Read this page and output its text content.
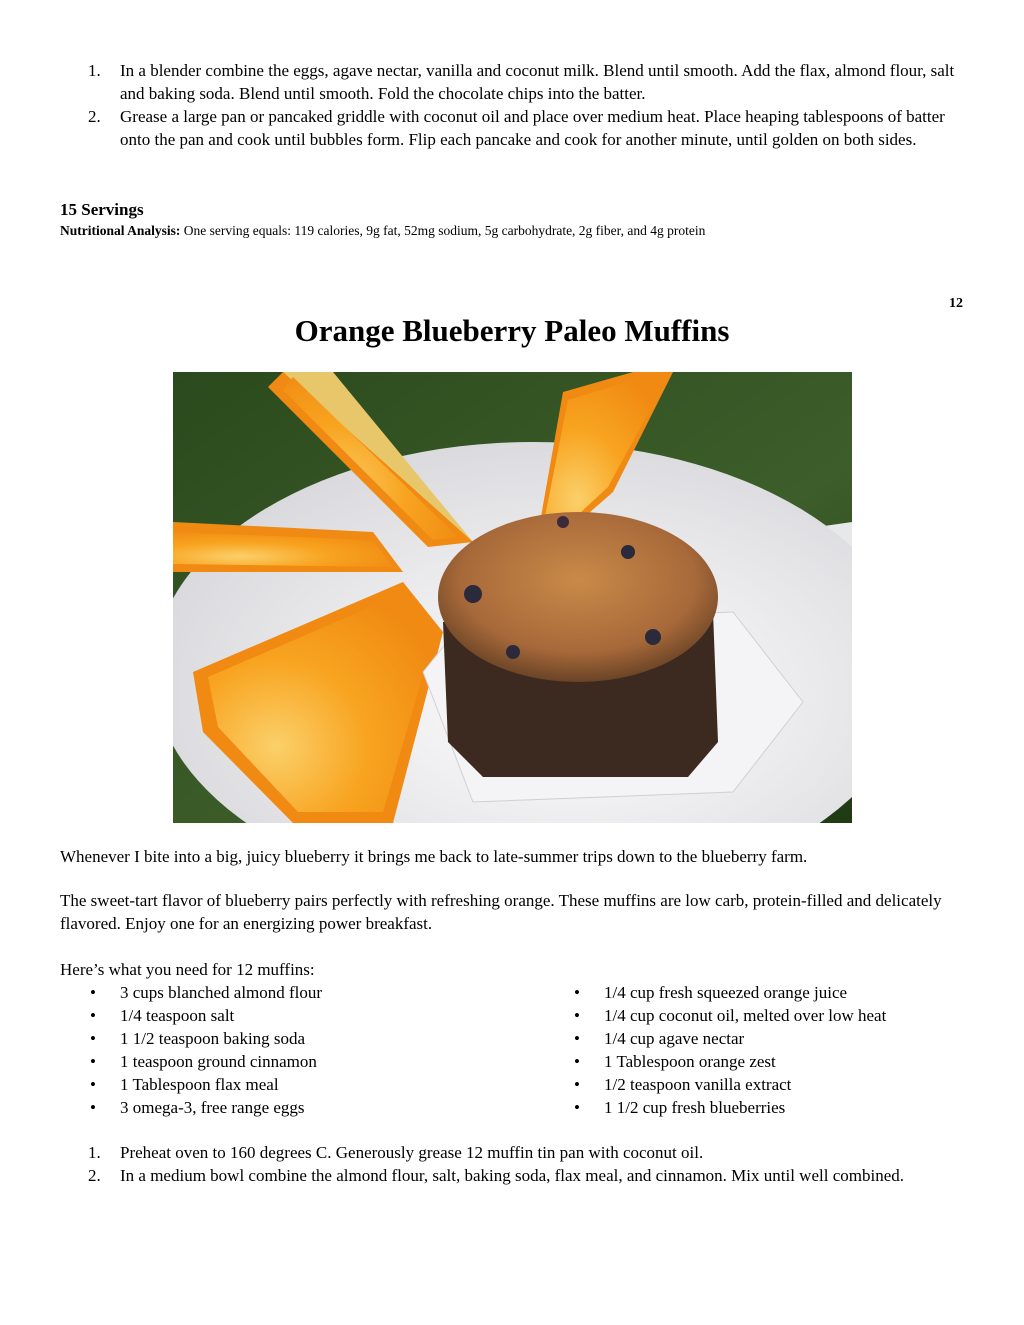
1. In a blender combine the eggs, agave nectar, vanilla and coconut milk. Blend until smooth. Add the flax, almond flour, salt and baking soda. Blend until smooth. Fold the chocolate chips into the batter.
2. Grease a large pan or pancaked griddle with coconut oil and place over medium heat. Place heaping tablespoons of batter onto the pan and cook until bubbles form. Flip each pancake and cook for another minute, until golden on both sides.
15 Servings
Nutritional Analysis: One serving equals: 119 calories, 9g fat, 52mg sodium, 5g carbohydrate, 2g fiber, and 4g protein
12
Orange Blueberry Paleo Muffins

Whenever I bite into a big, juicy blueberry it brings me back to late-summer trips down to the blueberry farm.

The sweet-tart flavor of blueberry pairs perfectly with refreshing orange. These muffins are low carb, protein-filled and delicately flavored. Enjoy one for an energizing power breakfast.

Here’s what you need for 12 muffins:

• 3 cups blanched almond flour
• 1/4 teaspoon salt
• 1 1/2 teaspoon baking soda
• 1 teaspoon ground cinnamon
• 1 Tablespoon flax meal
• 3 omega-3, free range eggs
• 1/4 cup fresh squeezed orange juice
• 1/4 cup coconut oil, melted over low heat
• 1/4 cup agave nectar
• 1 Tablespoon orange zest
• 1/2 teaspoon vanilla extract
• 1 1/2 cup fresh blueberries
1. Preheat oven to 160 degrees C. Generously grease 12 muffin tin pan with coconut oil.
2. In a medium bowl combine the almond flour, salt, baking soda, flax meal, and cinnamon. Mix until well combined.
